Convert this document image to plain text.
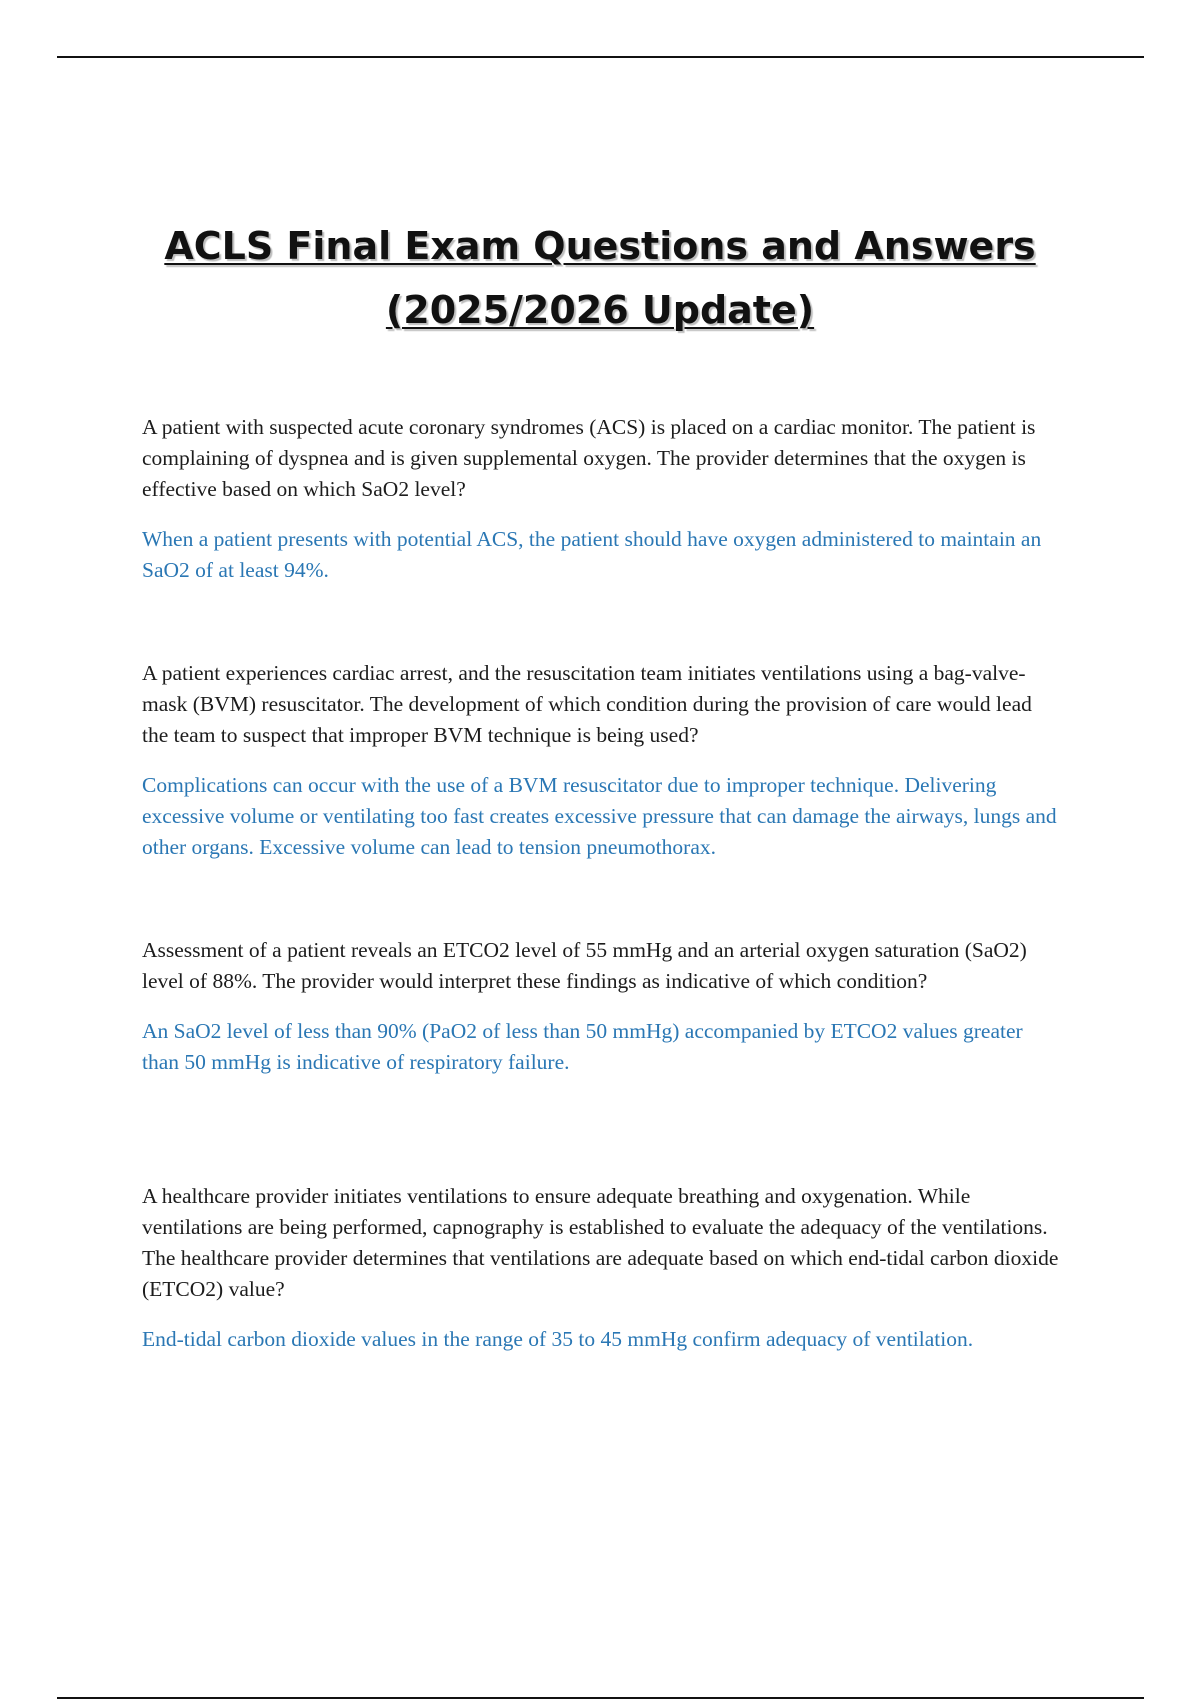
ACLS Final Exam Questions and Answers
(2025/2026 Update)

A patient with suspected acute coronary syndromes (ACS) is placed on a cardiac monitor. The patient is complaining of dyspnea and is given supplemental oxygen. The provider determines that the oxygen is effective based on which SaO2 level?

When a patient presents with potential ACS, the patient should have oxygen administered to maintain an SaO2 of at least 94%.

A patient experiences cardiac arrest, and the resuscitation team initiates ventilations using a bag-valve-mask (BVM) resuscitator. The development of which condition during the provision of care would lead the team to suspect that improper BVM technique is being used?

Complications can occur with the use of a BVM resuscitator due to improper technique. Delivering excessive volume or ventilating too fast creates excessive pressure that can damage the airways, lungs and other organs. Excessive volume can lead to tension pneumothorax.

Assessment of a patient reveals an ETCO2 level of 55 mmHg and an arterial oxygen saturation (SaO2) level of 88%. The provider would interpret these findings as indicative of which condition?

An SaO2 level of less than 90% (PaO2 of less than 50 mmHg) accompanied by ETCO2 values greater than 50 mmHg is indicative of respiratory failure.

A healthcare provider initiates ventilations to ensure adequate breathing and oxygenation. While ventilations are being performed, capnography is established to evaluate the adequacy of the ventilations. The healthcare provider determines that ventilations are adequate based on which end-tidal carbon dioxide (ETCO2) value?

End-tidal carbon dioxide values in the range of 35 to 45 mmHg confirm adequacy of ventilation.
